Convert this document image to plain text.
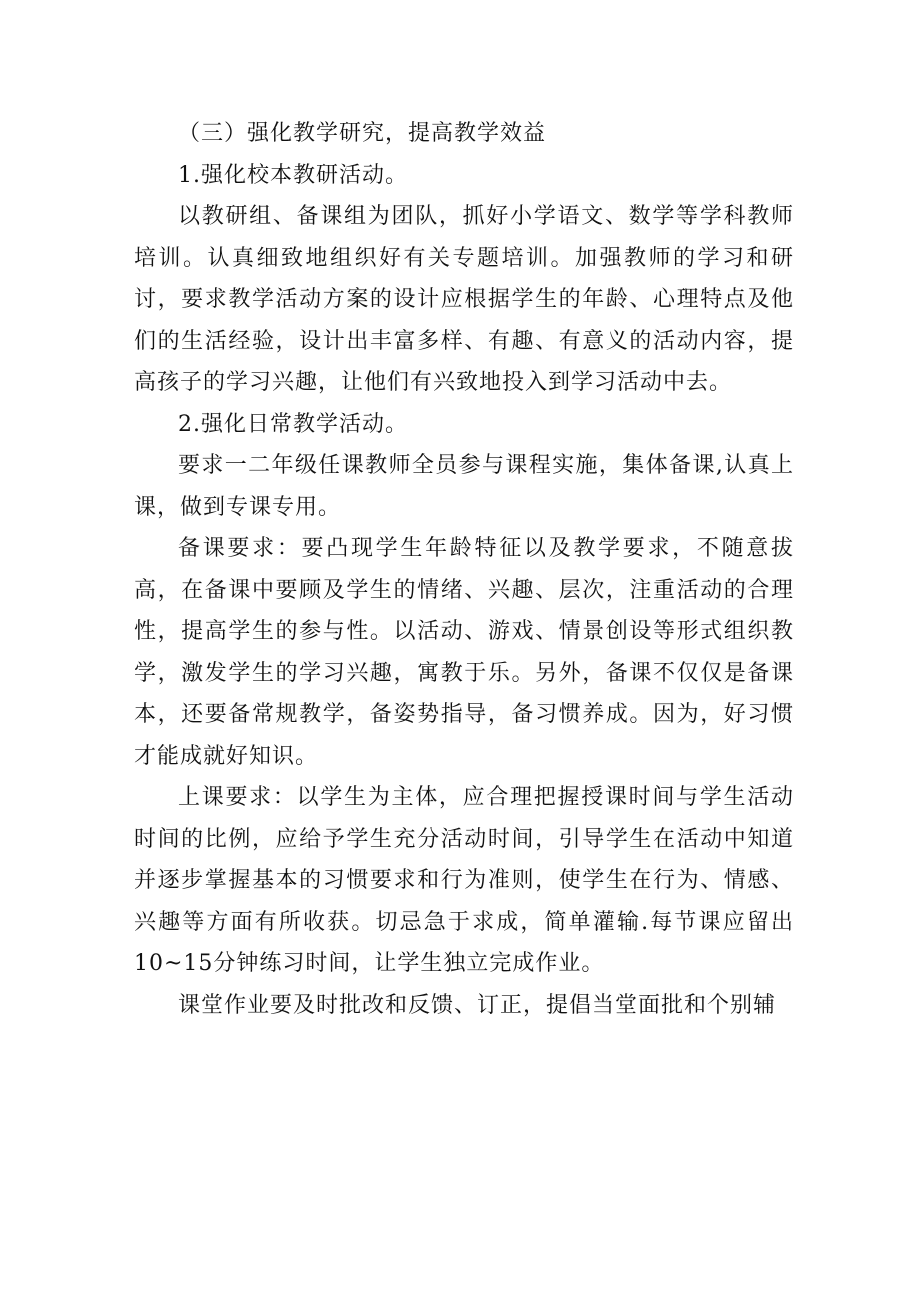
（三）强化教学研究，提高教学效益

1.强化校本教研活动。

以教研组、备课组为团队，抓好小学语文、数学等学科教师培训。认真细致地组织好有关专题培训。加强教师的学习和研讨，要求教学活动方案的设计应根据学生的年龄、心理特点及他们的生活经验，设计出丰富多样、有趣、有意义的活动内容，提高孩子的学习兴趣，让他们有兴致地投入到学习活动中去。

2.强化日常教学活动。

要求一二年级任课教师全员参与课程实施，集体备课,认真上课，做到专课专用。

备课要求：要凸现学生年龄特征以及教学要求，不随意拔高，在备课中要顾及学生的情绪、兴趣、层次，注重活动的合理性，提高学生的参与性。以活动、游戏、情景创设等形式组织教学，激发学生的学习兴趣，寓教于乐。另外，备课不仅仅是备课本，还要备常规教学，备姿势指导，备习惯养成。因为，好习惯才能成就好知识。

上课要求：以学生为主体，应合理把握授课时间与学生活动时间的比例，应给予学生充分活动时间，引导学生在活动中知道并逐步掌握基本的习惯要求和行为准则，使学生在行为、情感、兴趣等方面有所收获。切忌急于求成，简单灌输.每节课应留出10~15分钟练习时间，让学生独立完成作业。

课堂作业要及时批改和反馈、订正，提倡当堂面批和个别辅
